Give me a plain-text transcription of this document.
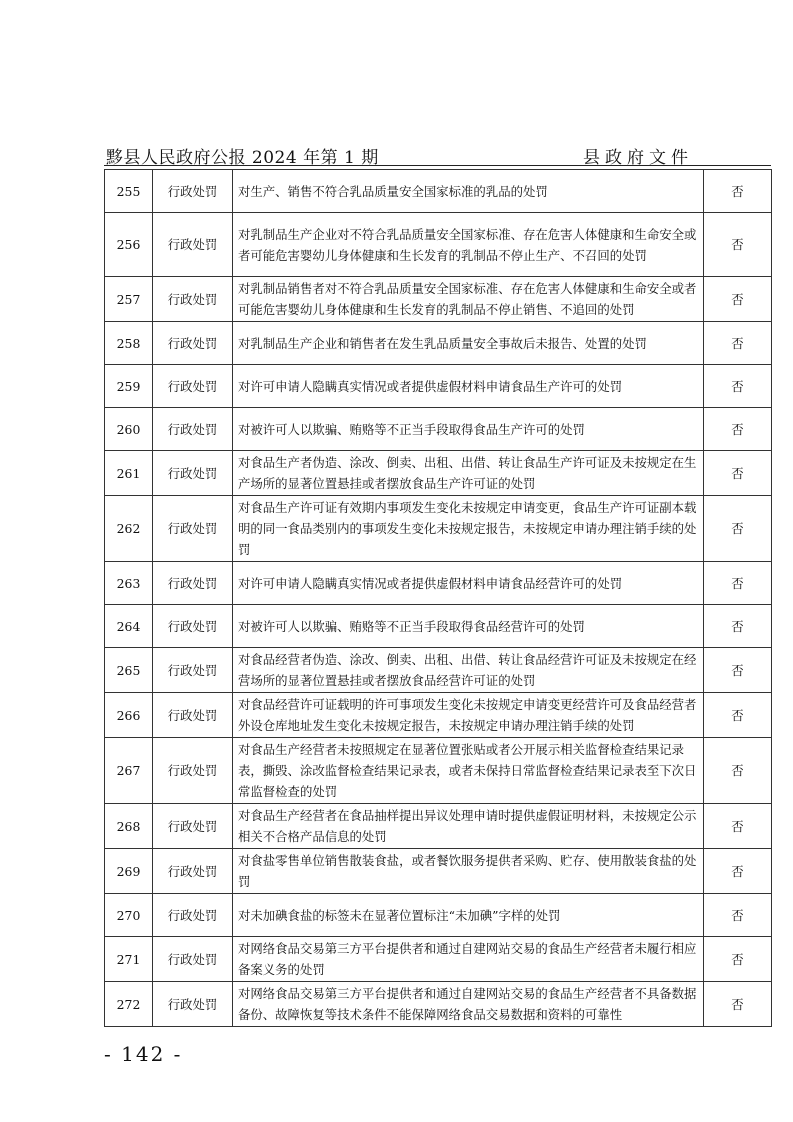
黟县人民政府公报 2024 年第 1 期	县政府文件
255	行政处罚	对生产、销售不符合乳品质量安全国家标准的乳品的处罚	否
256	行政处罚	对乳制品生产企业对不符合乳品质量安全国家标准、存在危害人体健康和生命安全或者可能危害婴幼儿身体健康和生长发育的乳制品不停止生产、不召回的处罚	否
257	行政处罚	对乳制品销售者对不符合乳品质量安全国家标准、存在危害人体健康和生命安全或者可能危害婴幼儿身体健康和生长发育的乳制品不停止销售、不追回的处罚	否
258	行政处罚	对乳制品生产企业和销售者在发生乳品质量安全事故后未报告、处置的处罚	否
259	行政处罚	对许可申请人隐瞒真实情况或者提供虚假材料申请食品生产许可的处罚	否
260	行政处罚	对被许可人以欺骗、贿赂等不正当手段取得食品生产许可的处罚	否
261	行政处罚	对食品生产者伪造、涂改、倒卖、出租、出借、转让食品生产许可证及未按规定在生产场所的显著位置悬挂或者摆放食品生产许可证的处罚	否
262	行政处罚	对食品生产许可证有效期内事项发生变化未按规定申请变更，食品生产许可证副本载明的同一食品类别内的事项发生变化未按规定报告，未按规定申请办理注销手续的处罚	否
263	行政处罚	对许可申请人隐瞒真实情况或者提供虚假材料申请食品经营许可的处罚	否
264	行政处罚	对被许可人以欺骗、贿赂等不正当手段取得食品经营许可的处罚	否
265	行政处罚	对食品经营者伪造、涂改、倒卖、出租、出借、转让食品经营许可证及未按规定在经营场所的显著位置悬挂或者摆放食品经营许可证的处罚	否
266	行政处罚	对食品经营许可证载明的许可事项发生变化未按规定申请变更经营许可及食品经营者外设仓库地址发生变化未按规定报告，未按规定申请办理注销手续的处罚	否
267	行政处罚	对食品生产经营者未按照规定在显著位置张贴或者公开展示相关监督检查结果记录表，撕毁、涂改监督检查结果记录表，或者未保持日常监督检查结果记录表至下次日常监督检查的处罚	否
268	行政处罚	对食品生产经营者在食品抽样提出异议处理申请时提供虚假证明材料，未按规定公示相关不合格产品信息的处罚	否
269	行政处罚	对食盐零售单位销售散装食盐，或者餐饮服务提供者采购、贮存、使用散装食盐的处罚	否
270	行政处罚	对未加碘食盐的标签未在显著位置标注“未加碘”字样的处罚	否
271	行政处罚	对网络食品交易第三方平台提供者和通过自建网站交易的食品生产经营者未履行相应备案义务的处罚	否
272	行政处罚	对网络食品交易第三方平台提供者和通过自建网站交易的食品生产经营者不具备数据备份、故障恢复等技术条件不能保障网络食品交易数据和资料的可靠性	否
- 142 -
